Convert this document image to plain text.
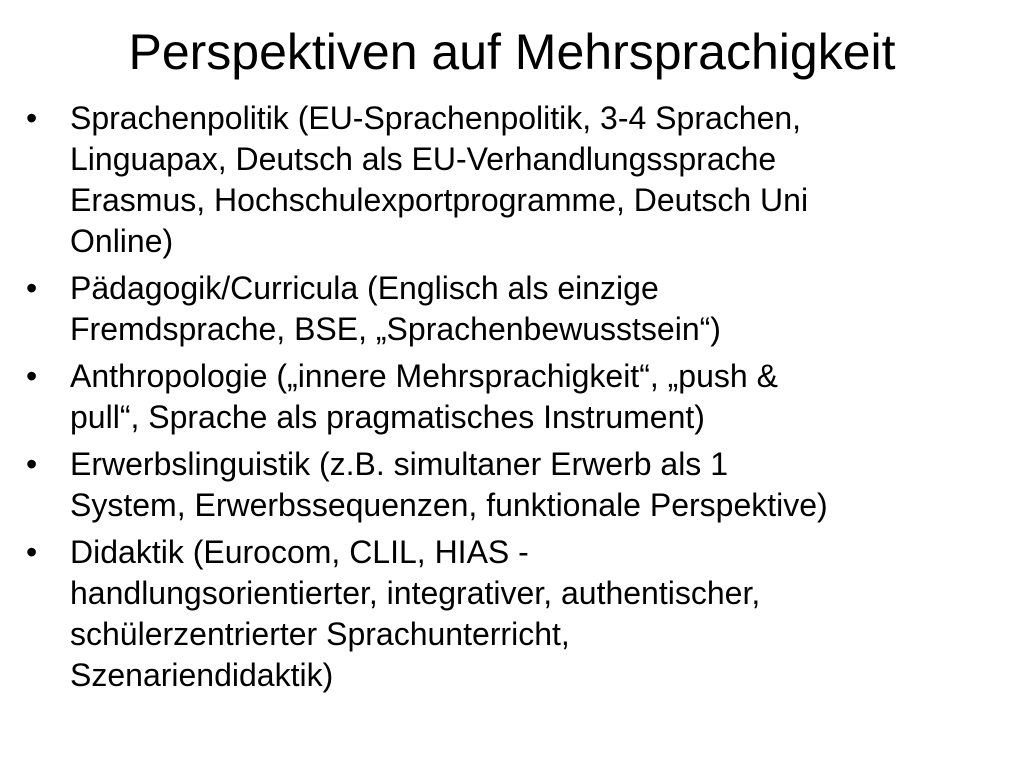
Perspektiven auf Mehrsprachigkeit
• Sprachenpolitik (EU-Sprachenpolitik, 3-4 Sprachen,
Linguapax, Deutsch als EU-Verhandlungssprache
Erasmus, Hochschulexportprogramme, Deutsch Uni
Online)
• Pädagogik/Curricula (Englisch als einzige
Fremdsprache, BSE, „Sprachenbewusstsein“)
• Anthropologie („innere Mehrsprachigkeit“, „push &
pull“, Sprache als pragmatisches Instrument)
• Erwerbslinguistik (z.B. simultaner Erwerb als 1
System, Erwerbssequenzen, funktionale Perspektive)
• Didaktik (Eurocom, CLIL, HIAS -
handlungsorientierter, integrativer, authentischer,
schülerzentrierter Sprachunterricht,
Szenariendidaktik)
